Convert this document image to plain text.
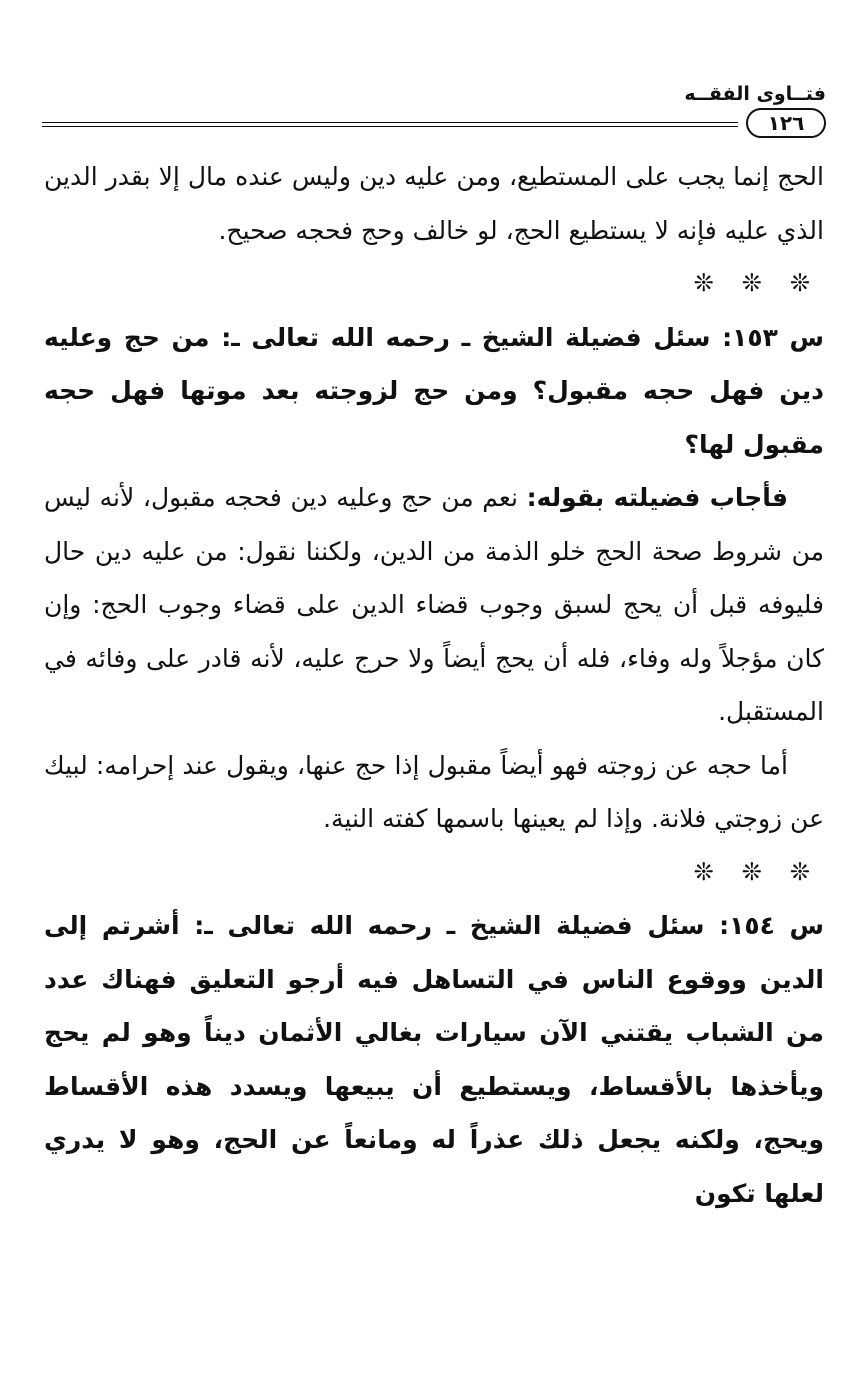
فتــاوى الفقــه
١٢٦

الحج إنما يجب على المستطيع، ومن عليه دين وليس عنده مال إلا بقدر الدين الذي عليه فإنه لا يستطيع الحج، لو خالف وحج فحجه صحيح.

❊ ❊ ❊

س ١٥٣: سئل فضيلة الشيخ ـ رحمه الله تعالى ـ: من حج وعليه دين فهل حجه مقبول؟ ومن حج لزوجته بعد موتها فهل حجه مقبول لها؟

فأجاب فضيلته بقوله: نعم من حج وعليه دين فحجه مقبول، لأنه ليس من شروط صحة الحج خلو الذمة من الدين، ولكننا نقول: من عليه دين حال فليوفه قبل أن يحج لسبق وجوب قضاء الدين على قضاء وجوب الحج: وإن كان مؤجلاً وله وفاء، فله أن يحج أيضاً ولا حرج عليه، لأنه قادر على وفائه في المستقبل.

أما حجه عن زوجته فهو أيضاً مقبول إذا حج عنها، ويقول عند إحرامه: لبيك عن زوجتي فلانة. وإذا لم يعينها باسمها كفته النية.

❊ ❊ ❊

س ١٥٤: سئل فضيلة الشيخ ـ رحمه الله تعالى ـ: أشرتم إلى الدين ووقوع الناس في التساهل فيه أرجو التعليق فهناك عدد من الشباب يقتني الآن سيارات بغالي الأثمان ديناً وهو لم يحج ويأخذها بالأقساط، ويستطيع أن يبيعها ويسدد هذه الأقساط ويحج، ولكنه يجعل ذلك عذراً له ومانعاً عن الحج، وهو لا يدري لعلها تكون
